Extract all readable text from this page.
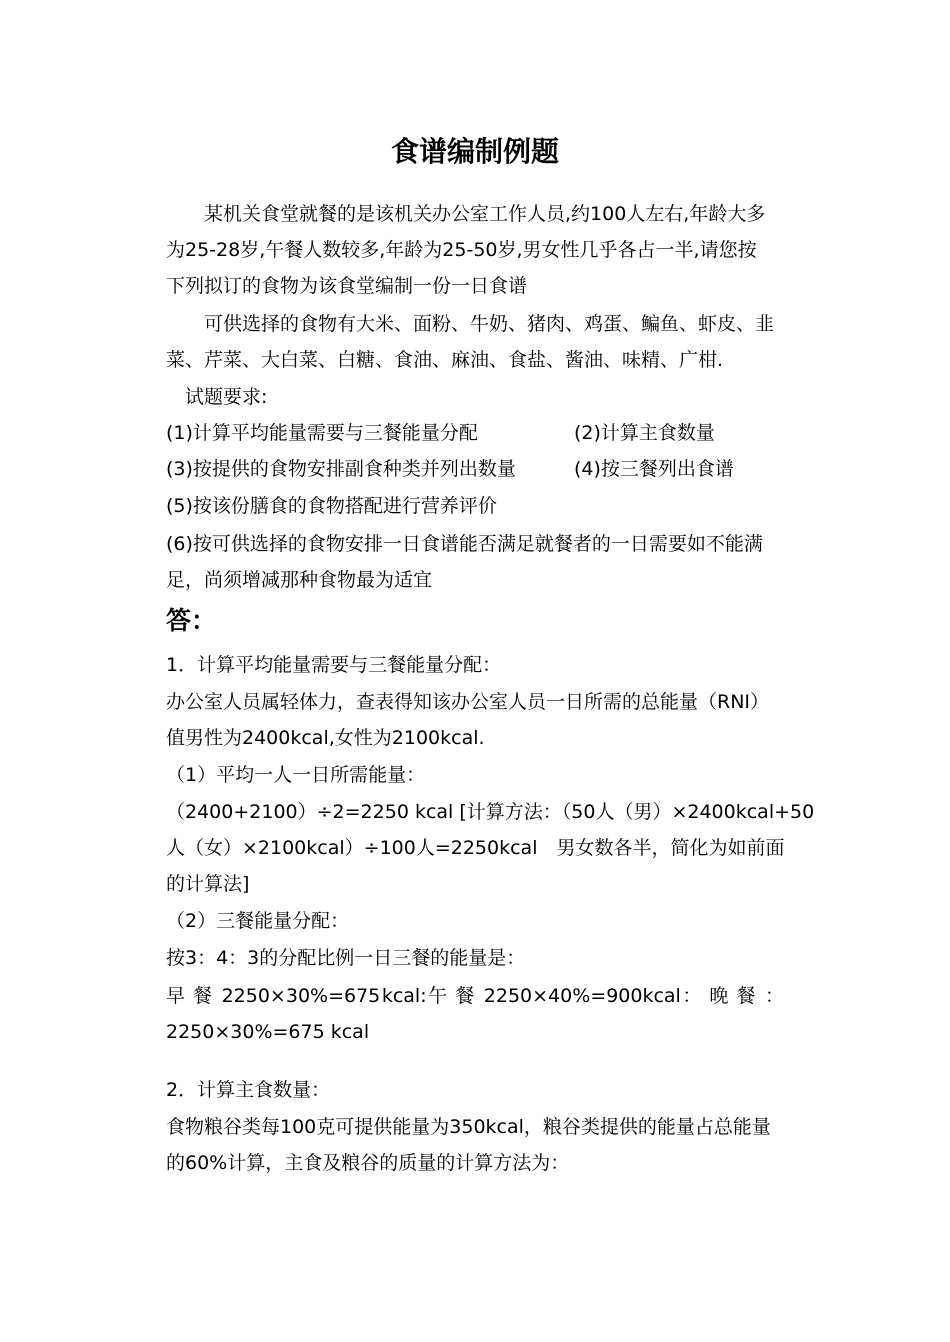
食谱编制例题
　　某机关食堂就餐的是该机关办公室工作人员,约100人左右,年龄大多
为25-28岁,午餐人数较多,年龄为25-50岁,男女性几乎各占一半,请您按
下列拟订的食物为该食堂编制一份一日食谱
　　可供选择的食物有大米、面粉、牛奶、猪肉、鸡蛋、鳊鱼、虾皮、韭
菜、芹菜、大白菜、白糖、食油、麻油、食盐、酱油、味精、广柑.
　试题要求:
(1)计算平均能量需要与三餐能量分配	(2)计算主食数量
(3)按提供的食物安排副食种类并列出数量	(4)按三餐列出食谱
(5)按该份膳食的食物搭配进行营养评价
(6)按可供选择的食物安排一日食谱能否满足就餐者的一日需要如不能满
足，尚须增减那种食物最为适宜
答：
1．计算平均能量需要与三餐能量分配：
办公室人员属轻体力，查表得知该办公室人员一日所需的总能量（RNI）
值男性为2400kcal,女性为2100kcal.
（1）平均一人一日所需能量：
（2400+2100）÷2=2250 kcal [计算方法：（50人（男）×2400kcal+50
人（女）×2100kcal）÷100人=2250kcal　男女数各半，简化为如前面
的计算法]
（2）三餐能量分配：
按3：4：3的分配比例一日三餐的能量是：
早餐 2250×30%=675 kcal: 午餐 2250×40%=900kcal ：晚餐 ：
2250×30%=675 kcal
2．计算主食数量：
食物粮谷类每100克可提供能量为350kcal，粮谷类提供的能量占总能量
的60%计算，主食及粮谷的质量的计算方法为：
